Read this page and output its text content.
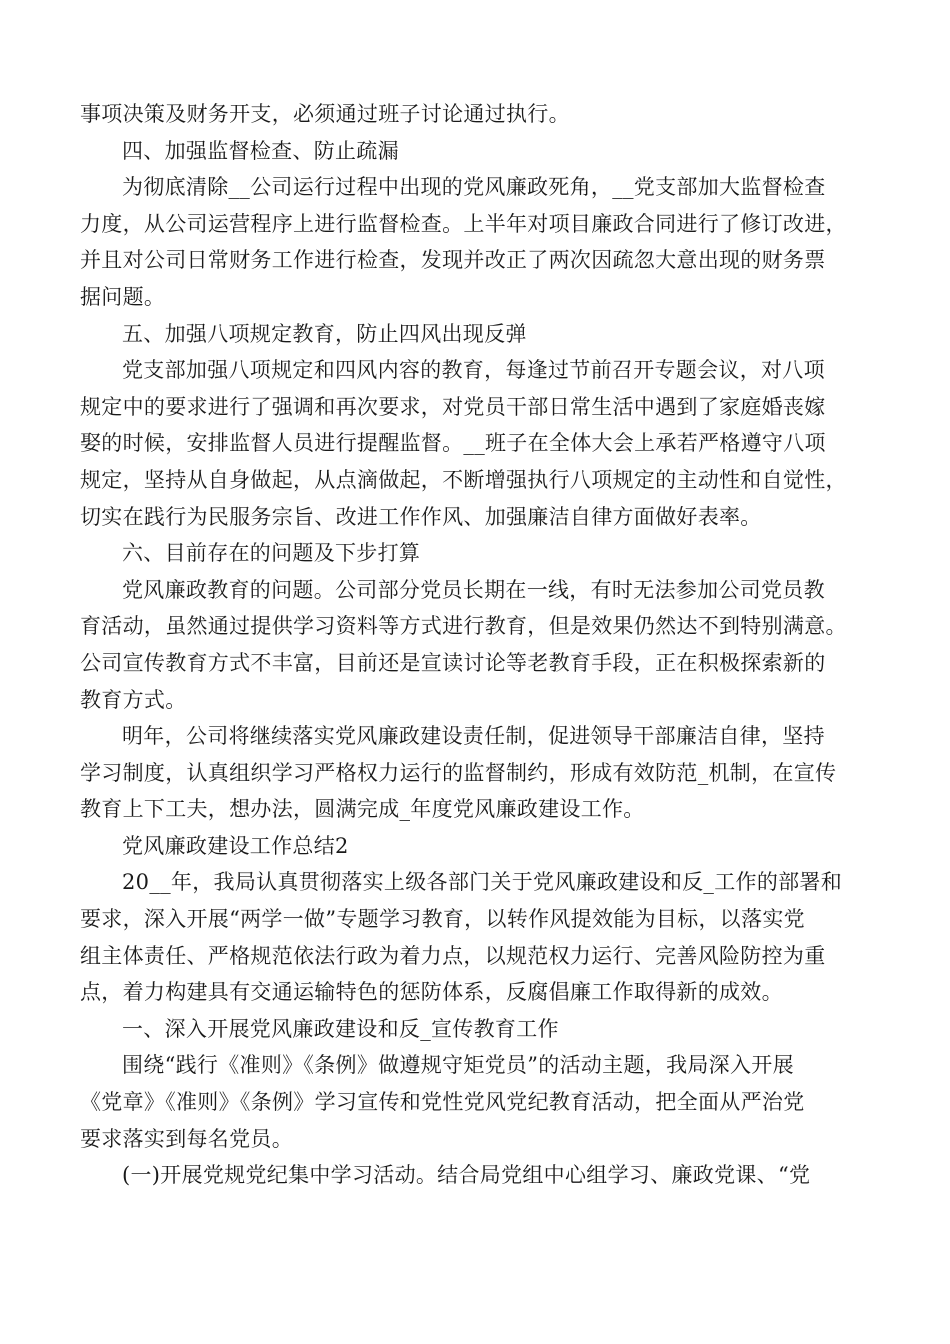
事项决策及财务开支，必须通过班子讨论通过执行。
四、加强监督检查、防止疏漏
为彻底清除__公司运行过程中出现的党风廉政死角，__党支部加大监督检查
力度，从公司运营程序上进行监督检查。上半年对项目廉政合同进行了修订改进，
并且对公司日常财务工作进行检查，发现并改正了两次因疏忽大意出现的财务票
据问题。
五、加强八项规定教育，防止四风出现反弹
党支部加强八项规定和四风内容的教育，每逢过节前召开专题会议，对八项
规定中的要求进行了强调和再次要求，对党员干部日常生活中遇到了家庭婚丧嫁
娶的时候，安排监督人员进行提醒监督。__班子在全体大会上承若严格遵守八项
规定，坚持从自身做起，从点滴做起，不断增强执行八项规定的主动性和自觉性，
切实在践行为民服务宗旨、改进工作作风、加强廉洁自律方面做好表率。
六、目前存在的问题及下步打算
党风廉政教育的问题。公司部分党员长期在一线，有时无法参加公司党员教
育活动，虽然通过提供学习资料等方式进行教育，但是效果仍然达不到特别满意。
公司宣传教育方式不丰富，目前还是宣读讨论等老教育手段，正在积极探索新的
教育方式。
明年，公司将继续落实党风廉政建设责任制，促进领导干部廉洁自律，坚持
学习制度，认真组织学习严格权力运行的监督制约，形成有效防范_机制，在宣传
教育上下工夫，想办法，圆满完成_年度党风廉政建设工作。
党风廉政建设工作总结2
20__年，我局认真贯彻落实上级各部门关于党风廉政建设和反_工作的部署和
要求，深入开展“两学一做”专题学习教育，以转作风提效能为目标，以落实党
组主体责任、严格规范依法行政为着力点，以规范权力运行、完善风险防控为重
点，着力构建具有交通运输特色的惩防体系，反腐倡廉工作取得新的成效。
一、深入开展党风廉政建设和反_宣传教育工作
围绕“践行《准则》《条例》做遵规守矩党员”的活动主题，我局深入开展
《党章》《准则》《条例》学习宣传和党性党风党纪教育活动，把全面从严治党
要求落实到每名党员。
(一)开展党规党纪集中学习活动。结合局党组中心组学习、廉政党课、“党
